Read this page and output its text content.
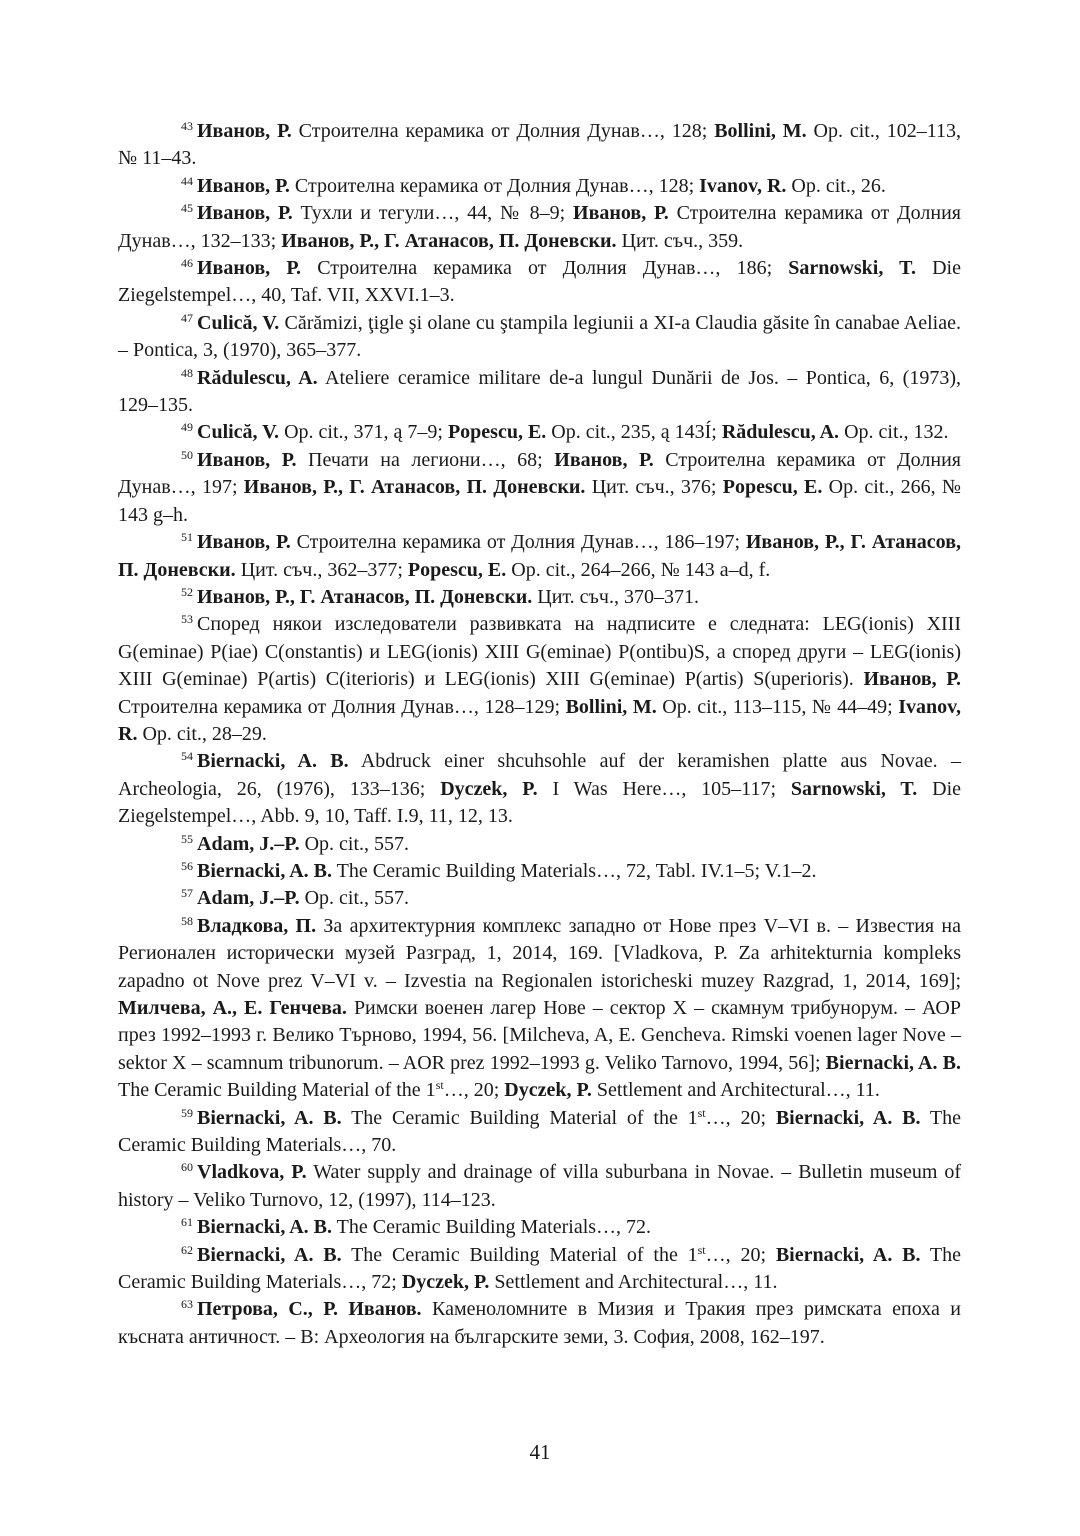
$^{43}$ Иванов, Р. Строителна керамика от Долния Дунав…, 128; Bollini, M. Op. cit., 102–113, № 11–43.

$^{44}$ Иванов, Р. Строителна керамика от Долния Дунав…, 128; Ivanov, R. Op. cit., 26.

$^{45}$ Иванов, Р. Тухли и тегули…, 44, № 8–9; Иванов, Р. Строителна керамика от Долния Дунав…, 132–133; Иванов, Р., Г. Атанасов, П. Доневски. Цит. съч., 359.

$^{46}$ Иванов, Р. Строителна керамика от Долния Дунав…, 186; Sarnowski, T. Die Ziegelstempel…, 40, Taf. VII, XXVI.1–3.

$^{47}$ Culică, V. Cărămizi, ţigle şi olane cu ştampila legiunii a XI-a Claudia găsite în canabae Aeliae. – Pontica, 3, (1970), 365–377.

$^{48}$ Rădulescu, A. Ateliere ceramice militare de-a lungul Dunării de Jos. – Pontica, 6, (1973), 129–135.

$^{49}$ Culică, V. Op. cit., 371, ą 7–9; Popescu, E. Op. cit., 235, ą 143Í; Rădulescu, A. Op. cit., 132.

$^{50}$ Иванов, Р. Печати на легиони…, 68; Иванов, Р. Строителна керамика от Долния Дунав…, 197; Иванов, Р., Г. Атанасов, П. Доневски. Цит. съч., 376; Popescu, E. Op. cit., 266, № 143 g–h.

$^{51}$ Иванов, Р. Строителна керамика от Долния Дунав…, 186–197; Иванов, Р., Г. Атанасов, П. Доневски. Цит. съч., 362–377; Popescu, E. Op. cit., 264–266, № 143 a–d, f.

$^{52}$ Иванов, Р., Г. Атанасов, П. Доневски. Цит. съч., 370–371.

$^{53}$ Според някои изследователи развивката на надписите е следната: LEG(ionis) XIII G(eminae) P(iae) C(onstantis) и LEG(ionis) XIII G(eminae) P(ontibu)S, а според други – LEG(ionis) XIII G(eminae) P(artis) C(iterioris) и LEG(ionis) XIII G(eminae) P(artis) S(uperioris). Иванов, Р. Строителна керамика от Долния Дунав…, 128–129; Bollini, M. Op. cit., 113–115, № 44–49; Ivanov, R. Op. cit., 28–29.

$^{54}$ Biernacki, A. B. Abdruck einer shcuhsohle auf der keramishen platte aus Novae. – Archeologia, 26, (1976), 133–136; Dyczek, P. I Was Here…, 105–117; Sarnowski, T. Die Ziegelstempel…, Abb. 9, 10, Taff. I.9, 11, 12, 13.

$^{55}$ Adam, J.–P. Op. cit., 557.

$^{56}$ Biernacki, A. B. The Ceramic Building Materials…, 72, Tabl. IV.1–5; V.1–2.

$^{57}$ Adam, J.–P. Op. cit., 557.

$^{58}$ Владкова, П. За архитектурния комплекс западно от Нове през V–VI в. – Известия на Регионален исторически музей Разград, 1, 2014, 169. [Vladkova, P. Za arhitekturnia kompleks zapadno ot Nove prez V–VI v. – Izvestia na Regionalen istoricheski muzey Razgrad, 1, 2014, 169]; Милчева, А., Е. Генчева. Римски военен лагер Нове – сектор X – скамнум трибунорум. – АОР през 1992–1993 г. Велико Търново, 1994, 56. [Milcheva, A, E. Gencheva. Rimski voenen lager Nove – sektor X – scamnum tribunorum. – AOR prez 1992–1993 g. Veliko Tarnovo, 1994, 56]; Biernacki, A. B. The Ceramic Building Material of the 1st…, 20; Dyczek, P. Settlement and Architectural…, 11.

$^{59}$ Biernacki, A. B. The Ceramic Building Material of the 1st…, 20; Biernacki, A. B. The Ceramic Building Materials…, 70.

$^{60}$ Vladkova, P. Water supply and drainage of villa suburbana in Novae. – Bulletin museum of history – Veliko Turnovo, 12, (1997), 114–123.

$^{61}$ Biernacki, A. B. The Ceramic Building Materials…, 72.

$^{62}$ Biernacki, A. B. The Ceramic Building Material of the 1st…, 20; Biernacki, A. B. The Ceramic Building Materials…, 72; Dyczek, P. Settlement and Architectural…, 11.

$^{63}$ Петрова, С., Р. Иванов. Каменоломните в Мизия и Тракия през римската епоха и късната античност. – В: Археология на българските земи, 3. София, 2008, 162–197.

41
